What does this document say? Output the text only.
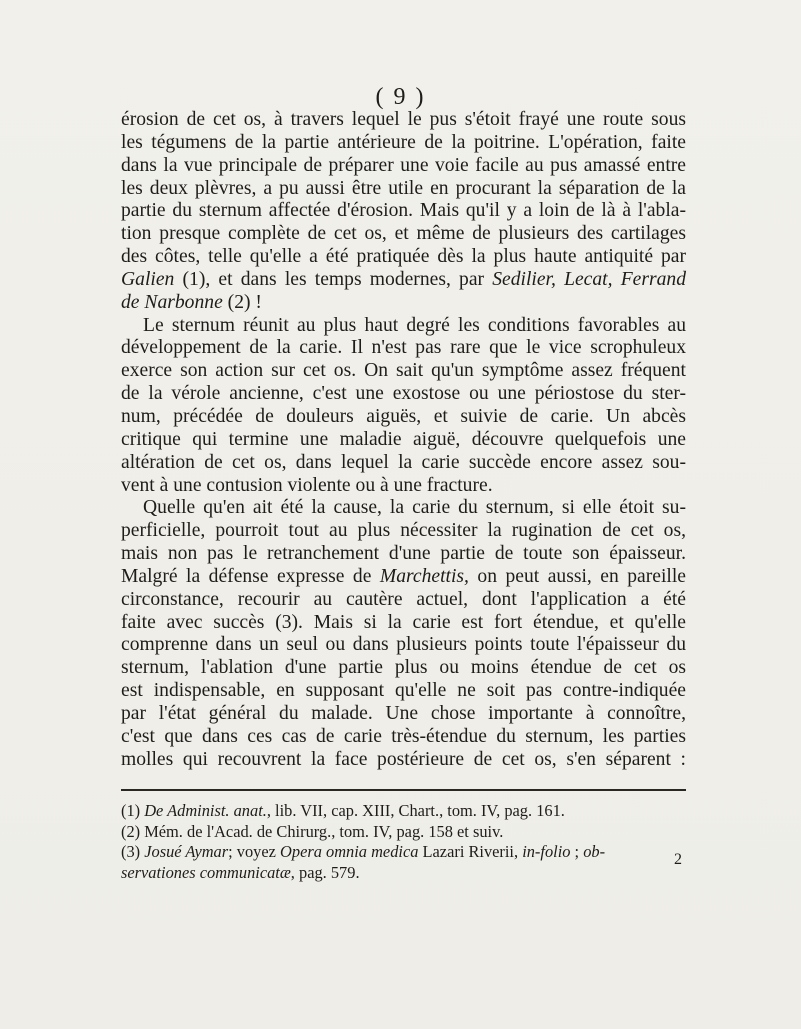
( 9 )
érosion de cet os, à travers lequel le pus s'étoit frayé une route sous
les tégumens de la partie antérieure de la poitrine. L'opération, faite
dans la vue principale de préparer une voie facile au pus amassé entre
les deux plèvres, a pu aussi être utile en procurant la séparation de la
partie du sternum affectée d'érosion. Mais qu'il y a loin de là à l'abla-
tion presque complète de cet os, et même de plusieurs des cartilages
des côtes, telle qu'elle a été pratiquée dès la plus haute antiquité par
Galien (1), et dans les temps modernes, par Sedilier, Lecat, Ferrand
de Narbonne (2) !
Le sternum réunit au plus haut degré les conditions favorables au
développement de la carie. Il n'est pas rare que le vice scrophuleux
exerce son action sur cet os. On sait qu'un symptôme assez fréquent
de la vérole ancienne, c'est une exostose ou une périostose du ster-
num, précédée de douleurs aiguës, et suivie de carie. Un abcès
critique qui termine une maladie aiguë, découvre quelquefois une
altération de cet os, dans lequel la carie succède encore assez sou-
vent à une contusion violente ou à une fracture.
Quelle qu'en ait été la cause, la carie du sternum, si elle étoit su-
perficielle, pourroit tout au plus nécessiter la rugination de cet os,
mais non pas le retranchement d'une partie de toute son épaisseur.
Malgré la défense expresse de Marchettis, on peut aussi, en pareille
circonstance, recourir au cautère actuel, dont l'application a été
faite avec succès (3). Mais si la carie est fort étendue, et qu'elle
comprenne dans un seul ou dans plusieurs points toute l'épaisseur du
sternum, l'ablation d'une partie plus ou moins étendue de cet os
est indispensable, en supposant qu'elle ne soit pas contre-indiquée
par l'état général du malade. Une chose importante à connoître,
c'est que dans ces cas de carie très-étendue du sternum, les parties
molles qui recouvrent la face postérieure de cet os, s'en séparent :
(1) De Administ. anat., lib. VII, cap. XIII, Chart., tom. IV, pag. 161.
(2) Mém. de l'Acad. de Chirurg., tom. IV, pag. 158 et suiv.
(3) Josué Aymar; voyez Opera omnia medica Lazari Riverii, in-folio ; ob-
servationes communicatæ, pag. 579.
2
